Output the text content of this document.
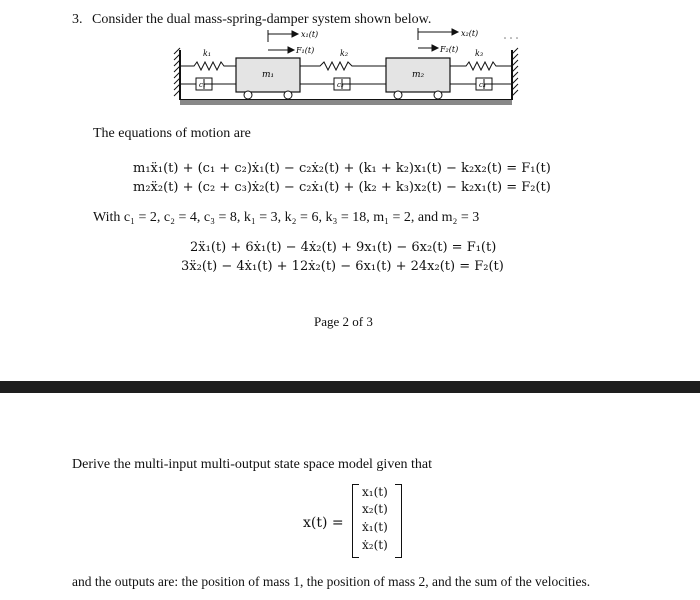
3. Consider the dual mass-spring-damper system shown below.
x₁(t)
F₁(t)
x₂(t)
F₂(t)
k₁	k₂	k₃
c₁	c₂	c₃
m₁	m₂
The equations of motion are
m₁ẍ₁(t) + (c₁ + c₂)ẋ₁(t) − c₂ẋ₂(t) + (k₁ + k₂)x₁(t) − k₂x₂(t) = F₁(t)
m₂ẍ₂(t) + (c₂ + c₃)ẋ₂(t) − c₂ẋ₁(t) + (k₂ + k₃)x₂(t) − k₂x₁(t) = F₂(t)
With c₁ = 2, c₂ = 4, c₃ = 8, k₁ = 3, k₂ = 6, k₃ = 18, m₁ = 2, and m₂ = 3
2ẍ₁(t) + 6ẋ₁(t) − 4ẋ₂(t) + 9x₁(t) − 6x₂(t) = F₁(t)
3ẍ₂(t) − 4ẋ₁(t) + 12ẋ₂(t) − 6x₁(t) + 24x₂(t) = F₂(t)
Page 2 of 3
Derive the multi-input multi-output state space model given that
x(t) =
x₁(t)
x₂(t)
ẋ₁(t)
ẋ₂(t)
and the outputs are: the position of mass 1, the position of mass 2, and the sum of the velocities.
